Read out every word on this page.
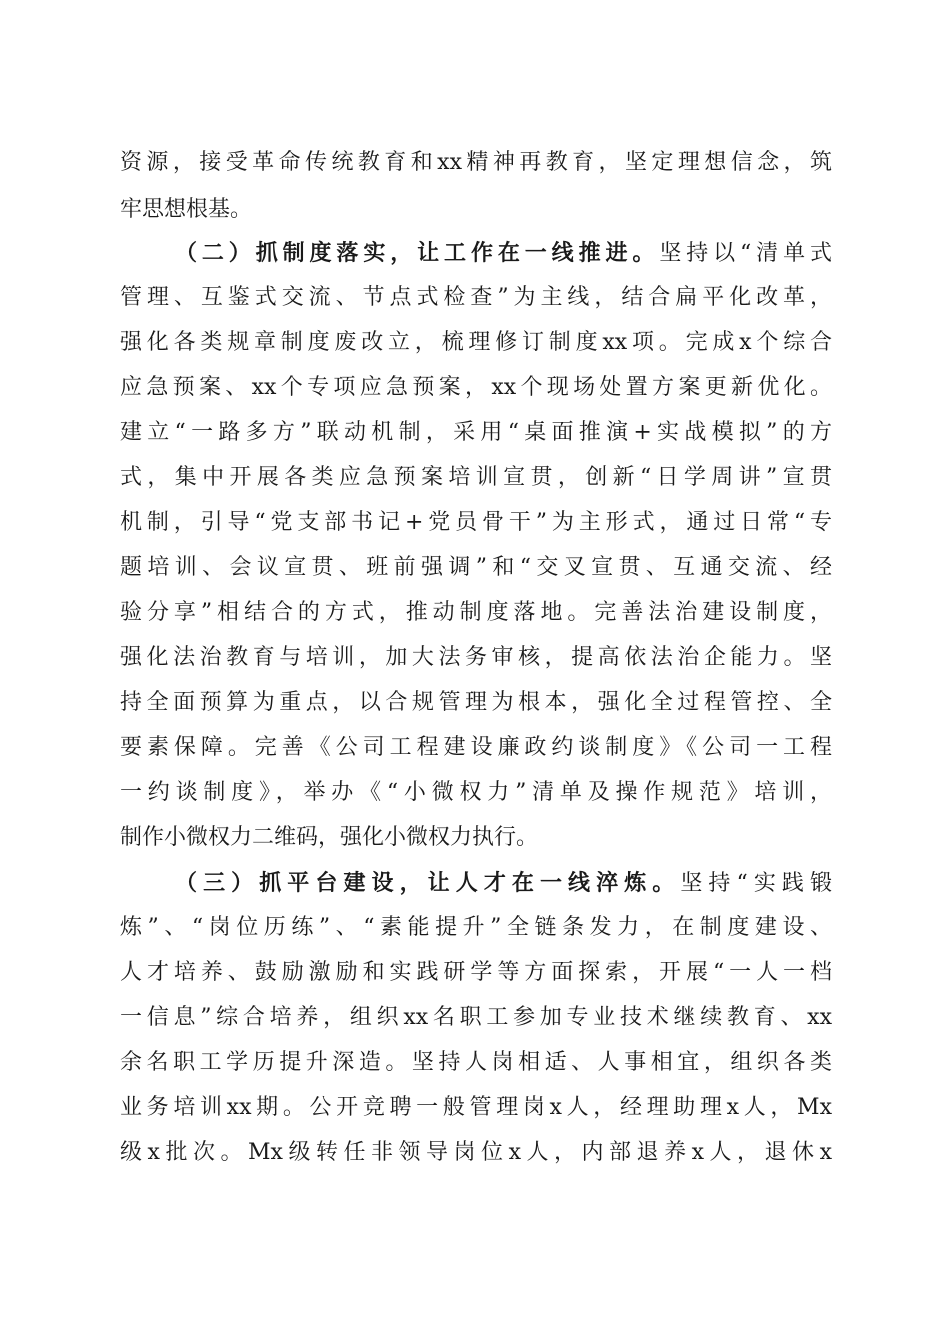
资源，接受革命传统教育和xx精神再教育，坚定理想信念，筑
牢思想根基。
（二）抓制度落实，让工作在一线推进。坚持以“清单式
管理、互鉴式交流、节点式检查”为主线，结合扁平化改革，
强化各类规章制度废改立，梳理修订制度xx项。完成x个综合
应急预案、xx个专项应急预案，xx个现场处置方案更新优化。
建立“一路多方”联动机制，采用“桌面推演+实战模拟”的方
式，集中开展各类应急预案培训宣贯，创新“日学周讲”宣贯
机制，引导“党支部书记+党员骨干”为主形式，通过日常“专
题培训、会议宣贯、班前强调”和“交叉宣贯、互通交流、经
验分享”相结合的方式，推动制度落地。完善法治建设制度，
强化法治教育与培训，加大法务审核，提高依法治企能力。坚
持全面预算为重点，以合规管理为根本，强化全过程管控、全
要素保障。完善《公司工程建设廉政约谈制度》《公司一工程
一约谈制度》，举办《“小微权力”清单及操作规范》培训，
制作小微权力二维码，强化小微权力执行。
（三）抓平台建设，让人才在一线淬炼。坚持“实践锻
炼”、“岗位历练”、“素能提升”全链条发力，在制度建设、
人才培养、鼓励激励和实践研学等方面探索，开展“一人一档
一信息”综合培养，组织xx名职工参加专业技术继续教育、xx
余名职工学历提升深造。坚持人岗相适、人事相宜，组织各类
业务培训xx期。公开竞聘一般管理岗x人，经理助理x人，Mx
级x批次。Mx级转任非领导岗位x人，内部退养x人，退休x
